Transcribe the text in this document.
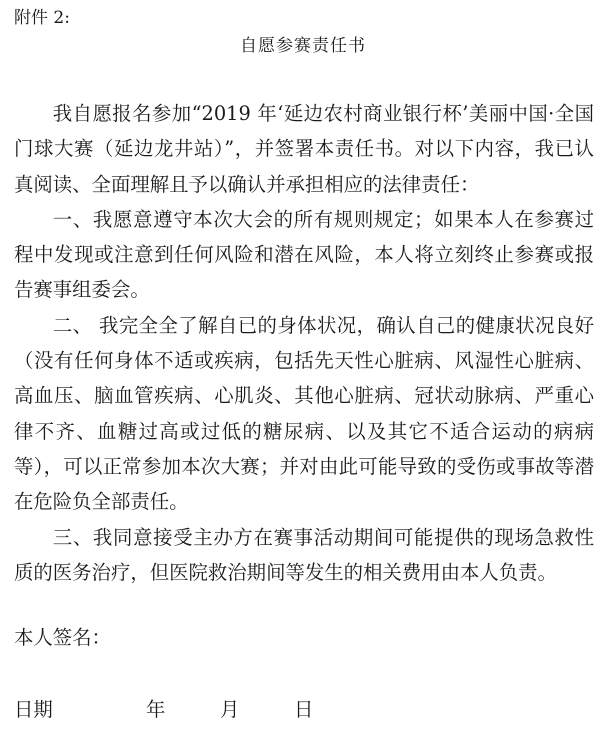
附件 2:
自愿参赛责任书

我自愿报名参加“2019 年‘延边农村商业银行杯’美丽中国·全国门球大赛（延边龙井站）”，并签署本责任书。对以下内容，我已认真阅读、全面理解且予以确认并承担相应的法律责任：

一、我愿意遵守本次大会的所有规则规定；如果本人在参赛过程中发现或注意到任何风险和潜在风险，本人将立刻终止参赛或报告赛事组委会。

二、 我完全全了解自已的身体状况，确认自己的健康状况良好（没有任何身体不适或疾病，包括先天性心脏病、风湿性心脏病、高血压、脑血管疾病、心肌炎、其他心脏病、冠状动脉病、严重心律不齐、血糖过高或过低的糖尿病、以及其它不适合运动的病病等），可以正常参加本次大赛；并对由此可能导致的受伤或事故等潜在危险负全部责任。

三、我同意接受主办方在赛事活动期间可能提供的现场急救性质的医务治疗，但医院救治期间等发生的相关费用由本人负责。

本人签名：
日期	年	月	日
